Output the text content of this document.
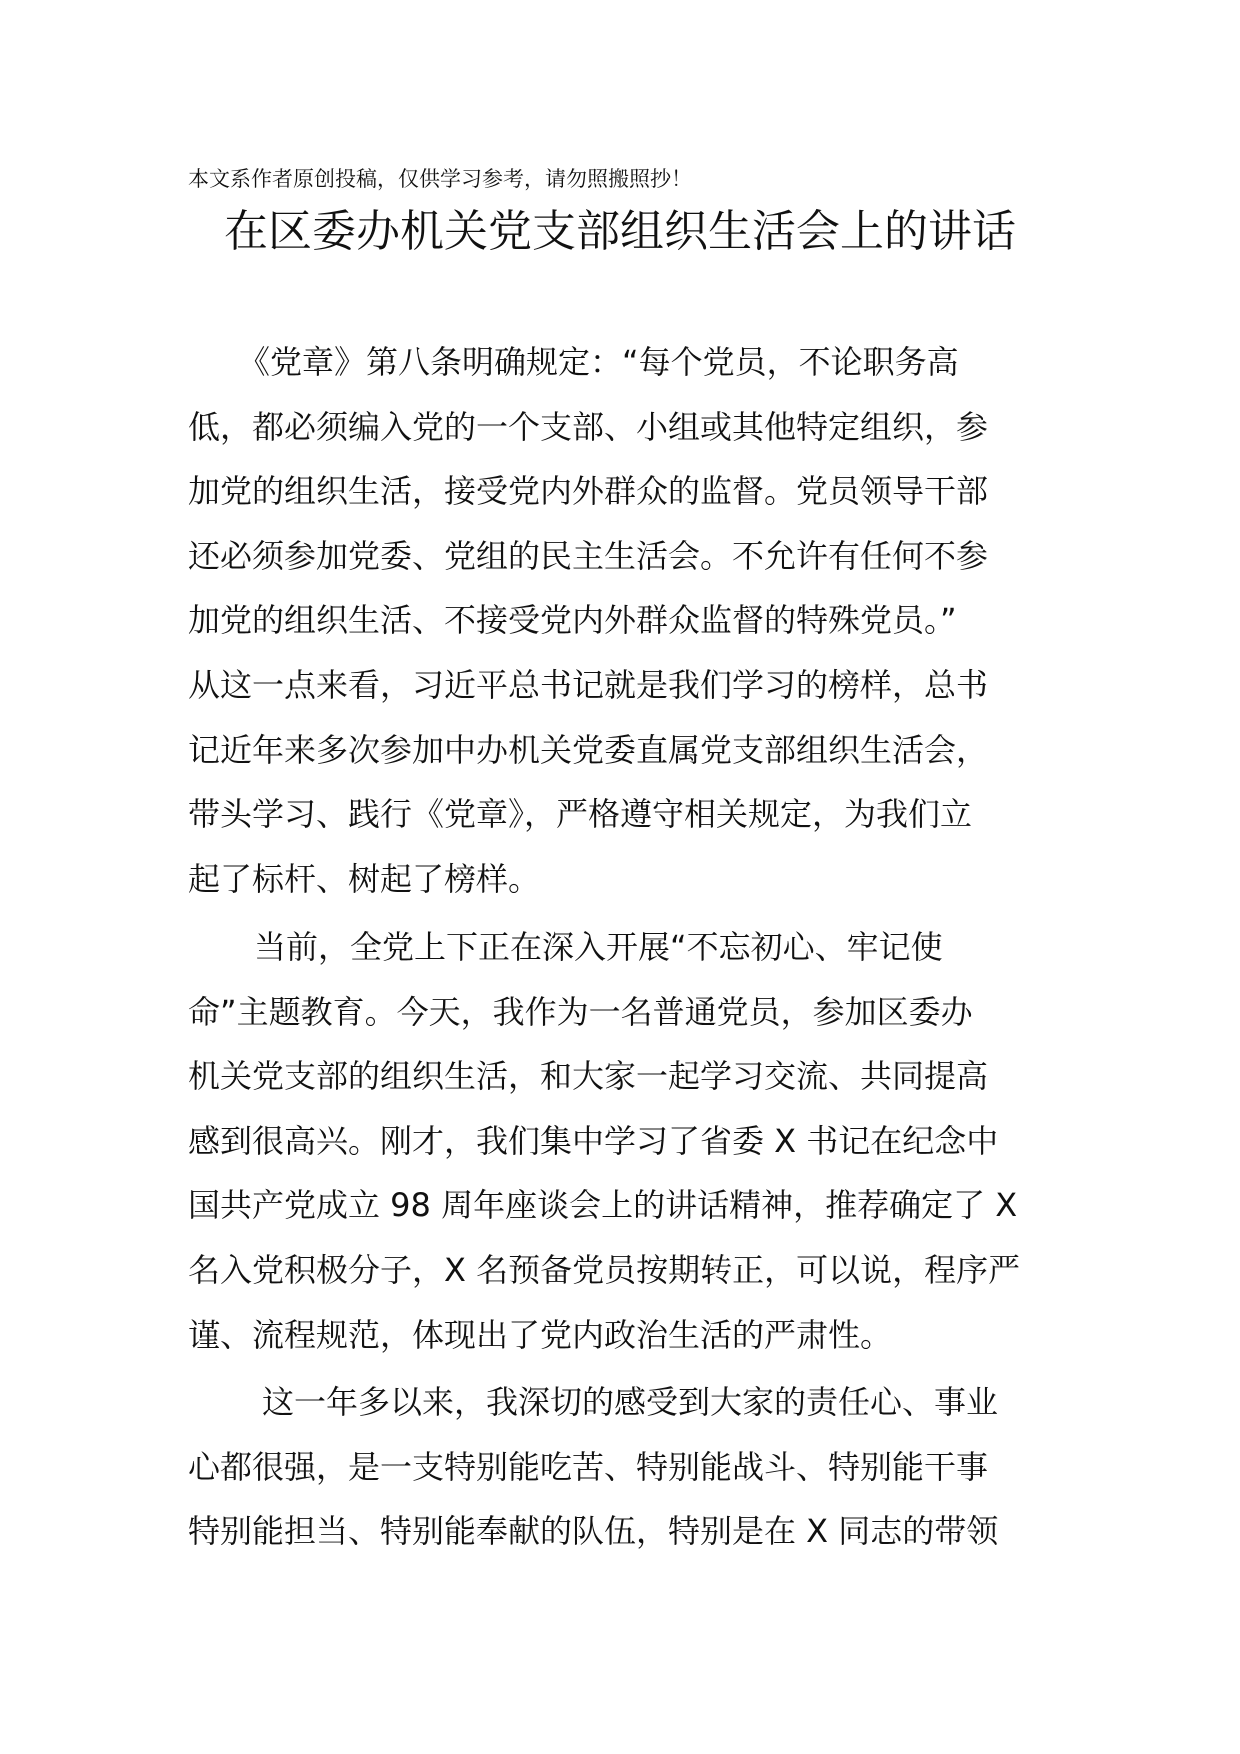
本文系作者原创投稿，仅供学习参考，请勿照搬照抄！
在区委办机关党支部组织生活会上的讲话
《党章》第八条明确规定：“每个党员，不论职务高
低，都必须编入党的一个支部、小组或其他特定组织，参
加党的组织生活，接受党内外群众的监督。党员领导干部
还必须参加党委、党组的民主生活会。不允许有任何不参
加党的组织生活、不接受党内外群众监督的特殊党员。”
从这一点来看，习近平总书记就是我们学习的榜样，总书
记近年来多次参加中办机关党委直属党支部组织生活会，
带头学习、践行《党章》，严格遵守相关规定，为我们立
起了标杆、树起了榜样。
当前，全党上下正在深入开展“不忘初心、牢记使
命”主题教育。今天，我作为一名普通党员，参加区委办
机关党支部的组织生活，和大家一起学习交流、共同提高
感到很高兴。刚才，我们集中学习了省委 X 书记在纪念中
国共产党成立 98 周年座谈会上的讲话精神，推荐确定了 X
名入党积极分子，X 名预备党员按期转正，可以说，程序严
谨、流程规范，体现出了党内政治生活的严肃性。
这一年多以来，我深切的感受到大家的责任心、事业
心都很强，是一支特别能吃苦、特别能战斗、特别能干事
特别能担当、特别能奉献的队伍，特别是在 X 同志的带领
